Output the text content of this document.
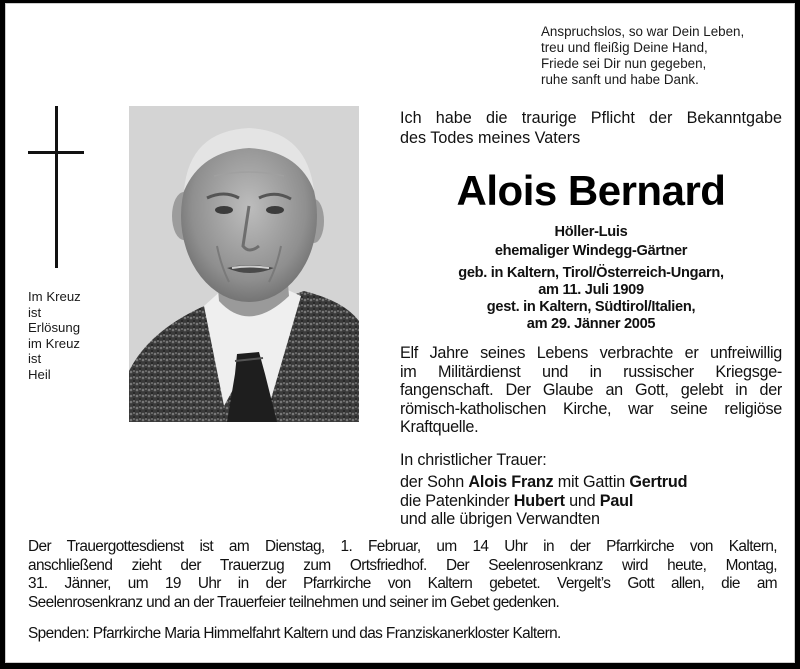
Anspruchslos, so war Dein Leben,
treu und fleißig Deine Hand,
Friede sei Dir nun gegeben,
ruhe sanft und habe Dank.
Im Kreuz
ist
Erlösung
im Kreuz
ist
Heil
Ich habe die traurige Pflicht der Bekanntgabe
des Todes meines Vaters
Alois Bernard
Höller-Luis
ehemaliger Windegg-Gärtner
geb. in Kaltern, Tirol/Österreich-Ungarn,
am 11. Juli 1909
gest. in Kaltern, Südtirol/Italien,
am 29. Jänner 2005
Elf Jahre seines Lebens verbrachte er unfreiwillig
im Militärdienst und in russischer Kriegsge-
fangenschaft. Der Glaube an Gott, gelebt in der
römisch-katholischen Kirche, war seine religiöse
Kraftquelle.
In christlicher Trauer:
der Sohn Alois Franz mit Gattin Gertrud
die Patenkinder Hubert und Paul
und alle übrigen Verwandten
Der Trauergottesdienst ist am Dienstag, 1. Februar, um 14 Uhr in der Pfarrkirche von Kaltern,
anschließend zieht der Trauerzug zum Ortsfriedhof. Der Seelenrosenkranz wird heute, Montag,
31. Jänner, um 19 Uhr in der Pfarrkirche von Kaltern gebetet. Vergelt’s Gott allen, die am
Seelenrosenkranz und an der Trauerfeier teilnehmen und seiner im Gebet gedenken.
Spenden: Pfarrkirche Maria Himmelfahrt Kaltern und das Franziskanerkloster Kaltern.
